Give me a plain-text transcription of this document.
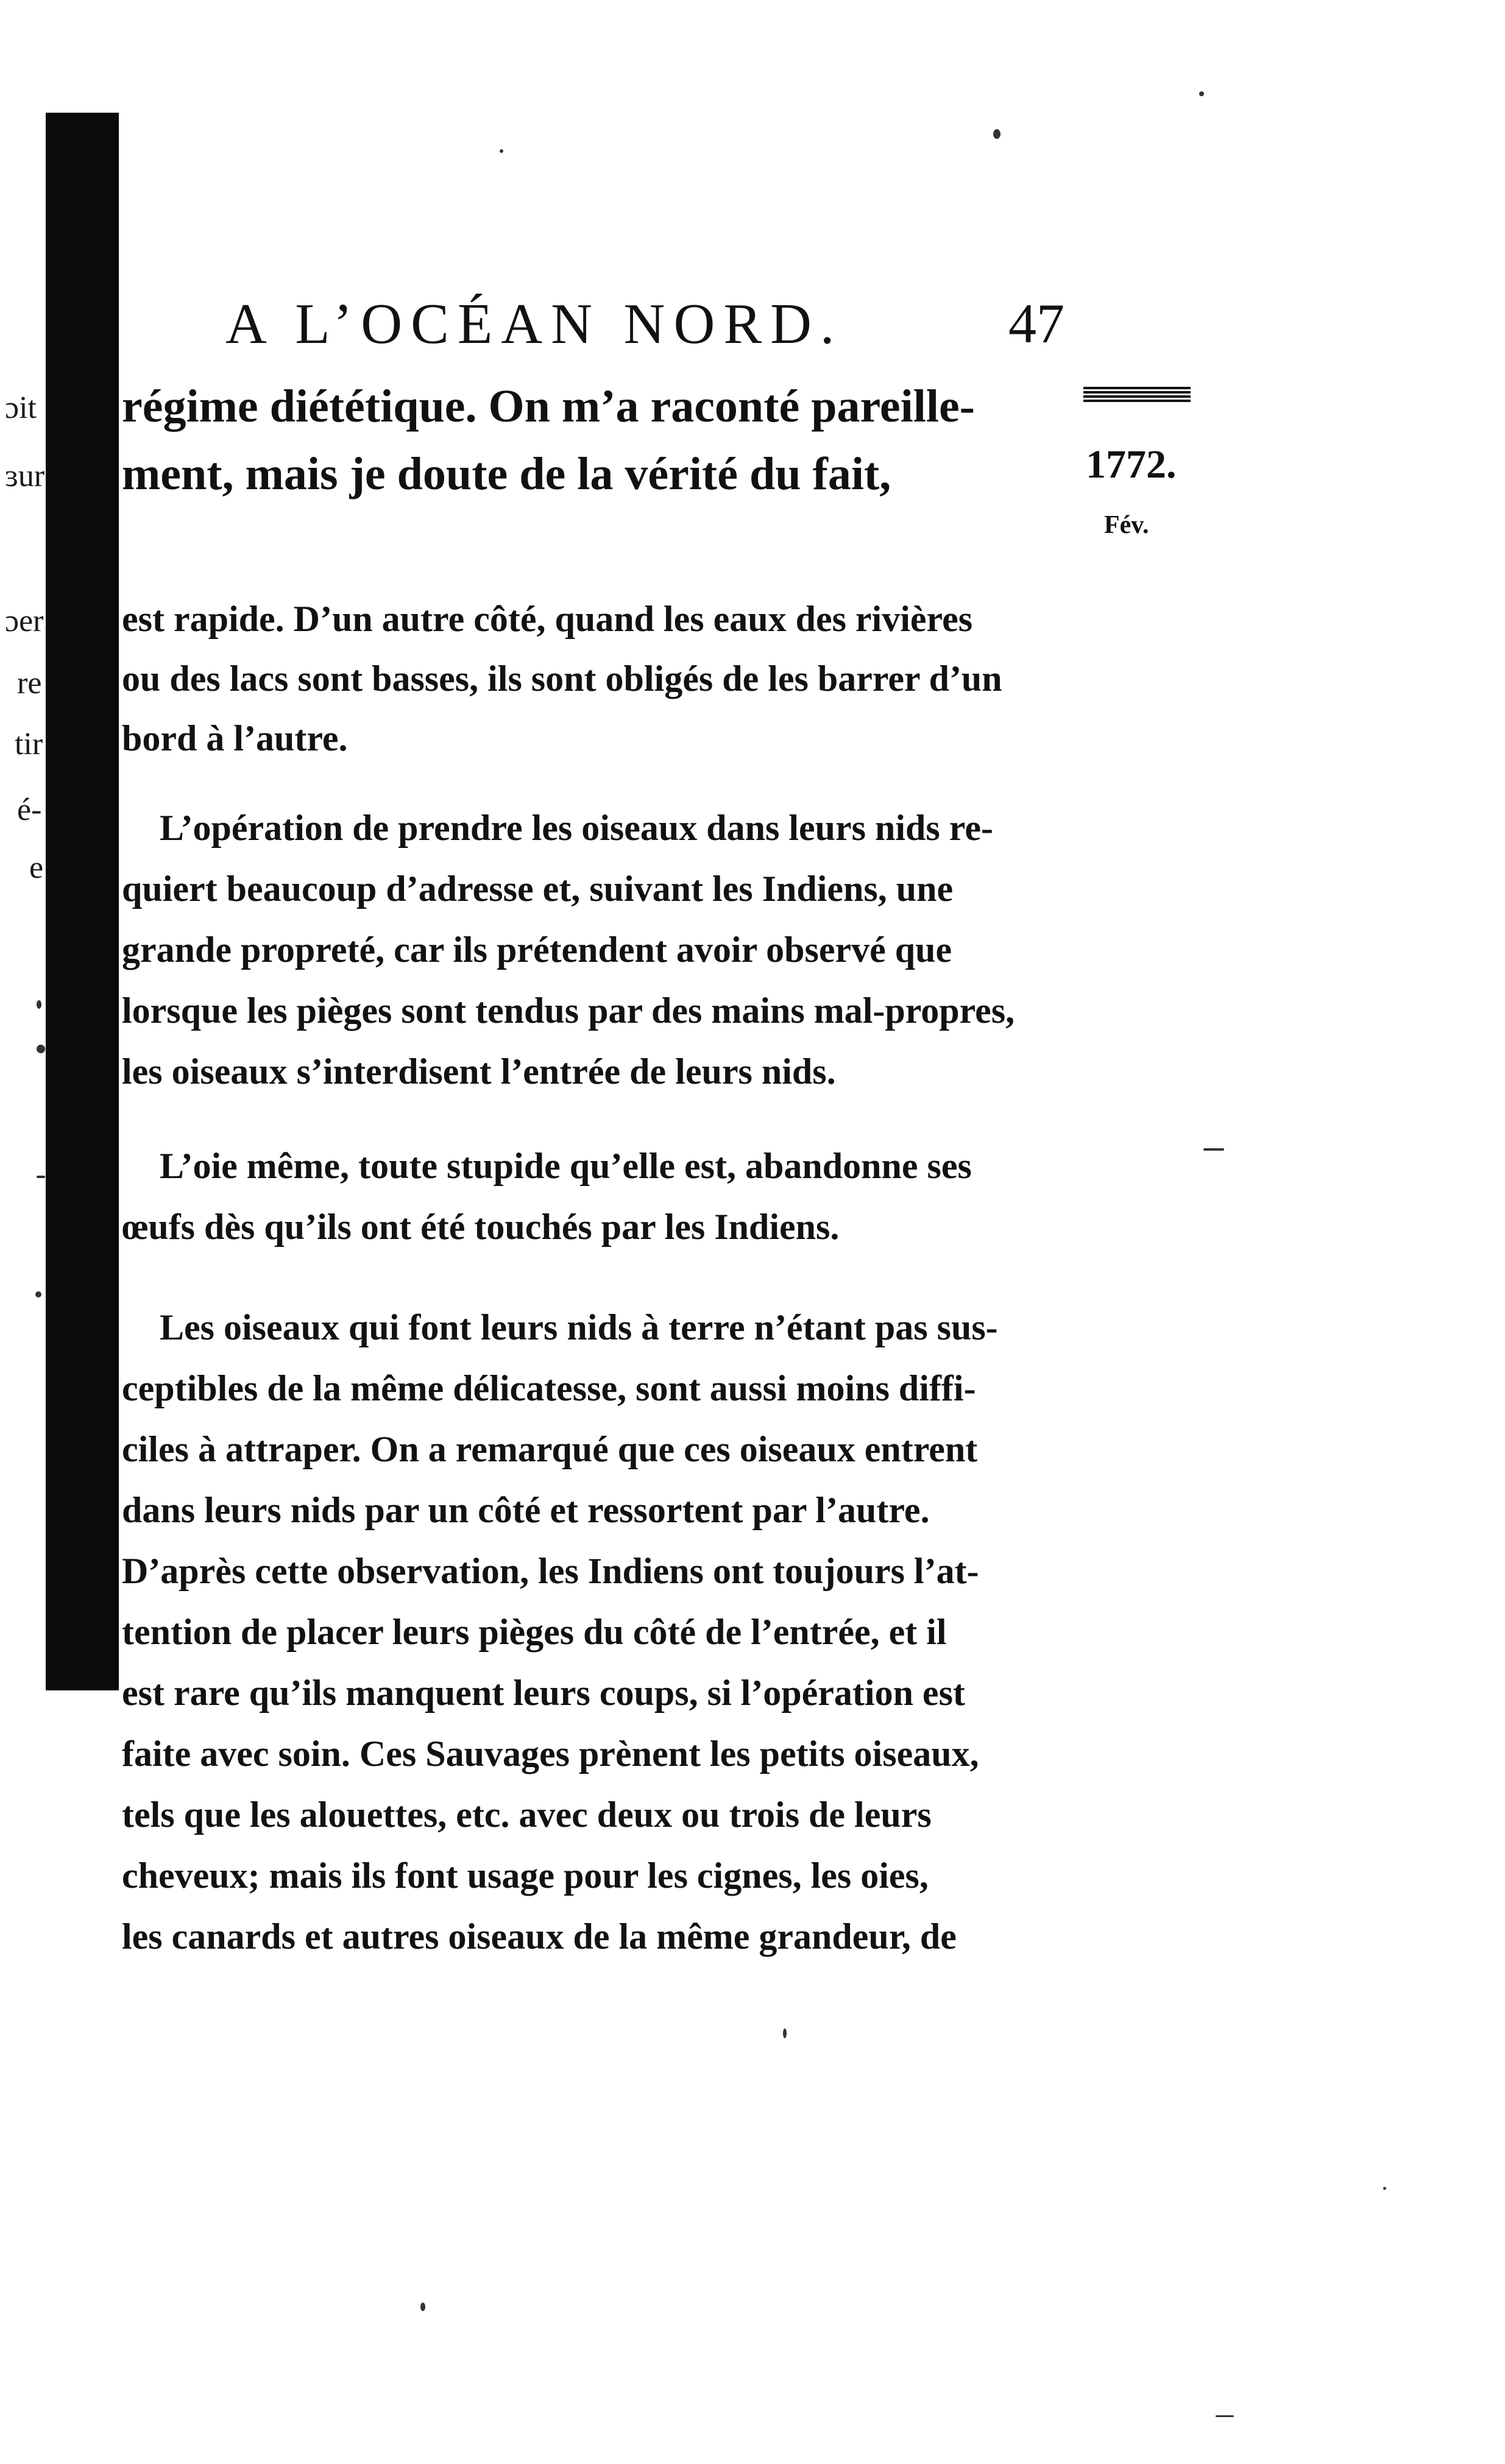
ɔit
ɜur
ɔer
re
tir
é-
e
A L’OCÉAN NORD.	47
1772.
Fév.
régime diététique. On m’a raconté pareille-
ment, mais je doute de la vérité du fait,
est rapide. D’un autre côté, quand les eaux des rivières
ou des lacs sont basses, ils sont obligés de les barrer d’un
bord à l’autre.
L’opération de prendre les oiseaux dans leurs nids re-
quiert beaucoup d’adresse et, suivant les Indiens, une
grande propreté, car ils prétendent avoir observé que
lorsque les pièges sont tendus par des mains mal-propres,
les oiseaux s’interdisent l’entrée de leurs nids.
L’oie même, toute stupide qu’elle est, abandonne ses
œufs dès qu’ils ont été touchés par les Indiens.
Les oiseaux qui font leurs nids à terre n’étant pas sus-
ceptibles de la même délicatesse, sont aussi moins diffi-
ciles à attraper. On a remarqué que ces oiseaux entrent
dans leurs nids par un côté et ressortent par l’autre.
D’après cette observation, les Indiens ont toujours l’at-
tention de placer leurs pièges du côté de l’entrée, et il
est rare qu’ils manquent leurs coups, si l’opération est
faite avec soin. Ces Sauvages prènent les petits oiseaux,
tels que les alouettes, etc. avec deux ou trois de leurs
cheveux; mais ils font usage pour les cignes, les oies,
les canards et autres oiseaux de la même grandeur, de
